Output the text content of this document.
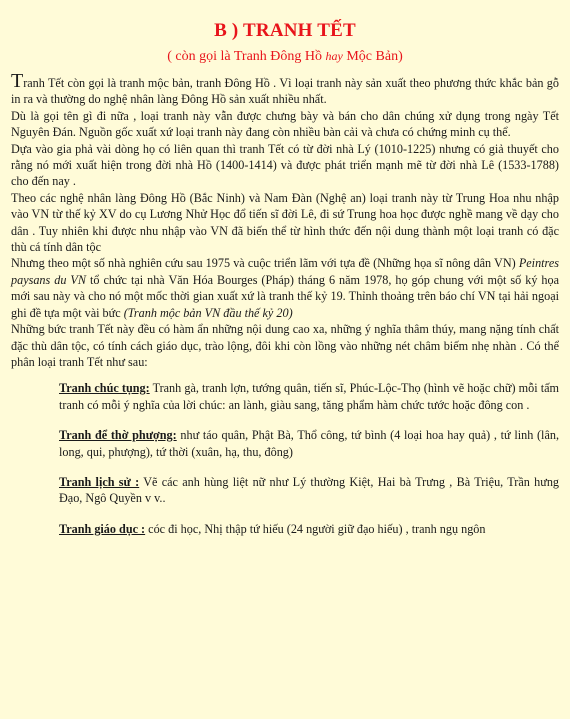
B ) TRANH TẾT
( còn gọi là Tranh Đông Hồ hay Mộc Bản)

Tranh Tết còn gọi là tranh mộc bản, tranh Đông Hồ . Vì loại tranh này sản xuất theo phương thức khắc bản gỗ in ra và thường do nghệ nhân làng Đông Hồ sản xuất nhiều nhất.

Dù là gọi tên gì đi nữa , loại tranh này vẫn được chưng bày và bán cho dân chúng xử dụng trong ngày Tết Nguyên Đán. Nguồn gốc xuất xứ loại tranh này đang còn nhiều bàn cải và chưa có chứng minh cụ thể.

Dựa vào gia phả vài dòng họ có liên quan thì tranh Tết có từ đời nhà Lý (1010-1225) nhưng có giả thuyết cho rằng nó mới xuất hiện trong đời nhà Hồ (1400-1414) và được phát triển mạnh mẽ từ đời nhà Lê (1533-1788) cho đến nay .

Theo các nghệ nhân làng Đông Hồ (Bắc Ninh) và Nam Đàn (Nghệ an) loại tranh này từ Trung Hoa nhu nhập vào VN từ thế kỷ XV do cụ Lương Nhử Học đổ tiến sĩ đời Lê, đi sứ Trung hoa học được nghề mang về dạy cho dân . Tuy nhiên khi được nhu nhập vào VN đã biến thể từ hình thức đến nội dung thành một loại tranh có đặc thù cá tính dân tộc

Nhưng theo một số nhà nghiên cứu sau 1975 và cuộc triển lãm với tựa đề (Những họa sĩ nông dân VN) Peintres paysans du VN tổ chức tại nhà Văn Hóa Bourges (Pháp) tháng 6 năm 1978, họ góp chung với một số ký họa mới sau này và cho nó một mốc thời gian xuất xứ là tranh thế kỷ 19. Thỉnh thoảng trên báo chí VN tại hải ngoại ghi đề tựa một vài bức (Tranh mộc bản VN đầu thế kỷ 20)

Những bức tranh Tết này đều có hàm ẩn những nội dung cao xa, những ý nghĩa thâm thúy, mang nặng tính chất đặc thù dân tộc, có tính cách giáo dục, trào lộng, đôi khi còn lồng vào những nét châm biếm nhẹ nhàn . Có thể phân loại tranh Tết như sau:

Tranh chúc tụng: Tranh gà, tranh lợn, tướng quân, tiến sĩ, Phúc-Lộc-Thọ (hình vẽ hoặc chữ) mỗi tấm tranh có mỗi ý nghĩa của lời chúc: an lành, giàu sang, tăng phẩm hàm chức tước hoặc đông con .
Tranh để thờ phượng: như táo quân, Phật Bà, Thổ công, tứ bình (4 loại hoa hay quả) , tứ linh (lân, long, qui, phượng), tứ thời (xuân, hạ, thu, đông)
Tranh lịch sử : Vẽ các anh hùng liệt nữ như Lý thường Kiệt, Hai bà Trưng , Bà Triệu, Trần hưng Đạo, Ngô Quyền v v..
Tranh giáo dục : cóc đi học, Nhị thập tứ hiếu (24 người giữ đạo hiếu) , tranh ngụ ngôn
